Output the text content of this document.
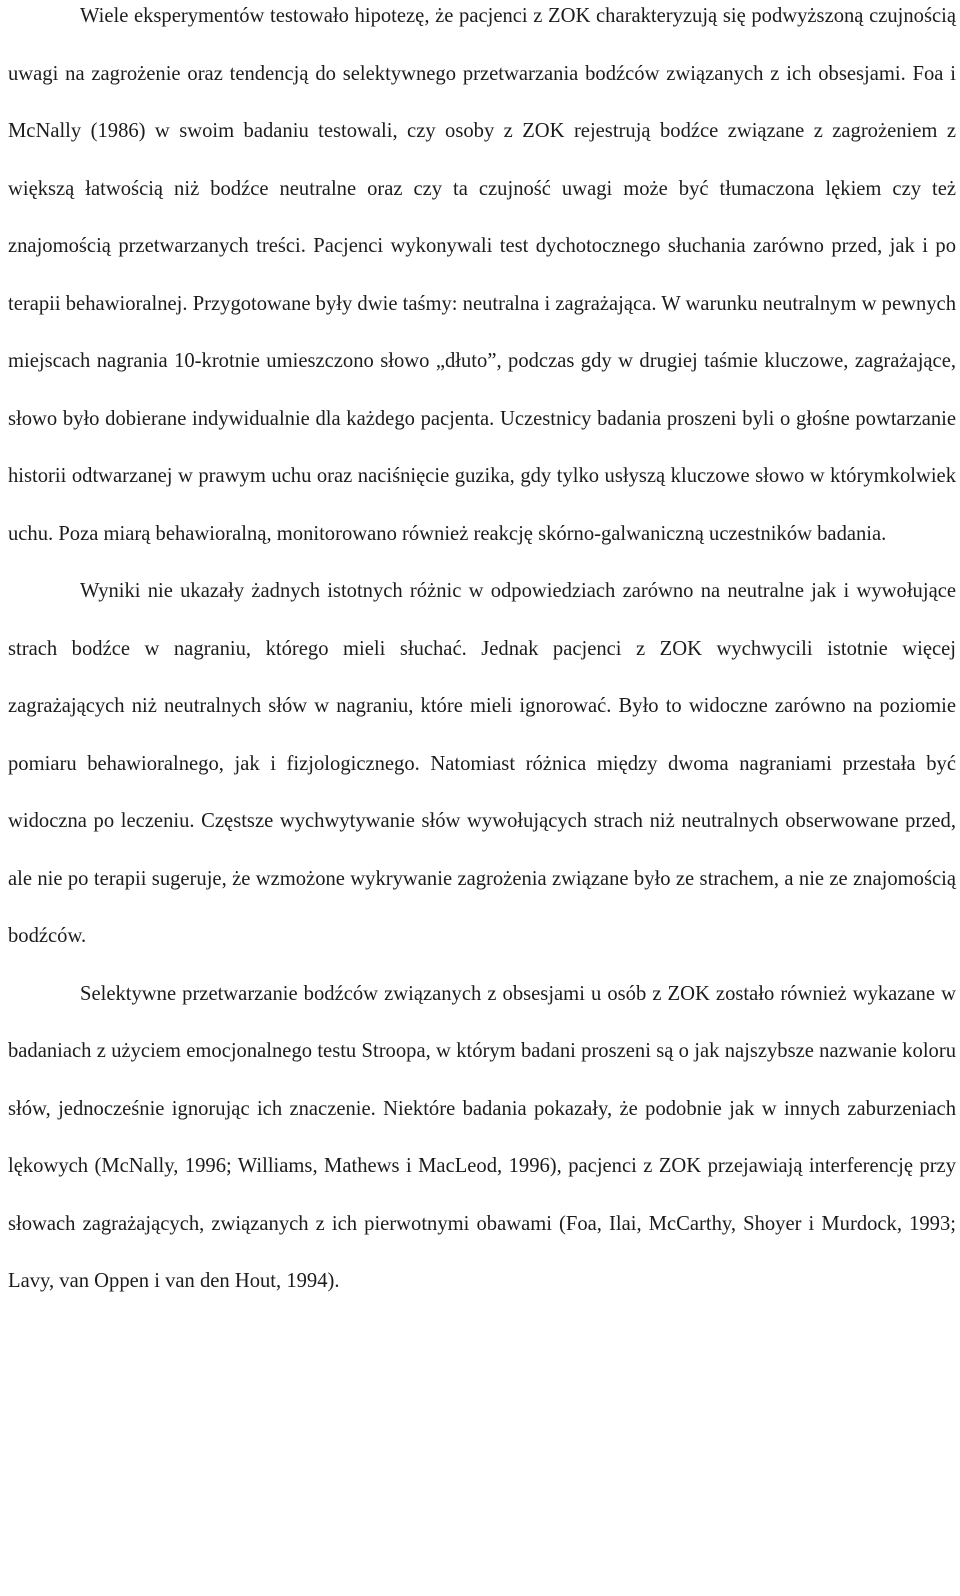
Wiele eksperymentów testowało hipotezę, że pacjenci z ZOK charakteryzują się podwyższoną czujnością uwagi na zagrożenie oraz tendencją do selektywnego przetwarzania bodźców związanych z ich obsesjami. Foa i McNally (1986) w swoim badaniu testowali, czy osoby z ZOK rejestrują bodźce związane z zagrożeniem z większą łatwością niż bodźce neutralne oraz czy ta czujność uwagi może być tłumaczona lękiem czy też znajomością przetwarzanych treści. Pacjenci wykonywali test dychotocznego słuchania zarówno przed, jak i po terapii behawioralnej. Przygotowane były dwie taśmy: neutralna i zagrażająca. W warunku neutralnym w pewnych miejscach nagrania 10-krotnie umieszczono słowo „dłuto”, podczas gdy w drugiej taśmie kluczowe, zagrażające, słowo było dobierane indywidualnie dla każdego pacjenta. Uczestnicy badania proszeni byli o głośne powtarzanie historii odtwarzanej w prawym uchu oraz naciśnięcie guzika, gdy tylko usłyszą kluczowe słowo w którymkolwiek uchu. Poza miarą behawioralną, monitorowano również reakcję skórno-galwaniczną uczestników badania.

Wyniki nie ukazały żadnych istotnych różnic w odpowiedziach zarówno na neutralne jak i wywołujące strach bodźce w nagraniu, którego mieli słuchać. Jednak pacjenci z ZOK wychwycili istotnie więcej zagrażających niż neutralnych słów w nagraniu, które mieli ignorować. Było to widoczne zarówno na poziomie pomiaru behawioralnego, jak i fizjologicznego. Natomiast różnica między dwoma nagraniami przestała być widoczna po leczeniu. Częstsze wychwytywanie słów wywołujących strach niż neutralnych obserwowane przed, ale nie po terapii sugeruje, że wzmożone wykrywanie zagrożenia związane było ze strachem, a nie ze znajomością bodźców.

Selektywne przetwarzanie bodźców związanych z obsesjami u osób z ZOK zostało również wykazane w badaniach z użyciem emocjonalnego testu Stroopa, w którym badani proszeni są o jak najszybsze nazwanie koloru słów, jednocześnie ignorując ich znaczenie. Niektóre badania pokazały, że podobnie jak w innych zaburzeniach lękowych (McNally, 1996; Williams, Mathews i MacLeod, 1996), pacjenci z ZOK przejawiają interferencję przy słowach zagrażających, związanych z ich pierwotnymi obawami (Foa, Ilai, McCarthy, Shoyer i Murdock, 1993; Lavy, van Oppen i van den Hout, 1994).
